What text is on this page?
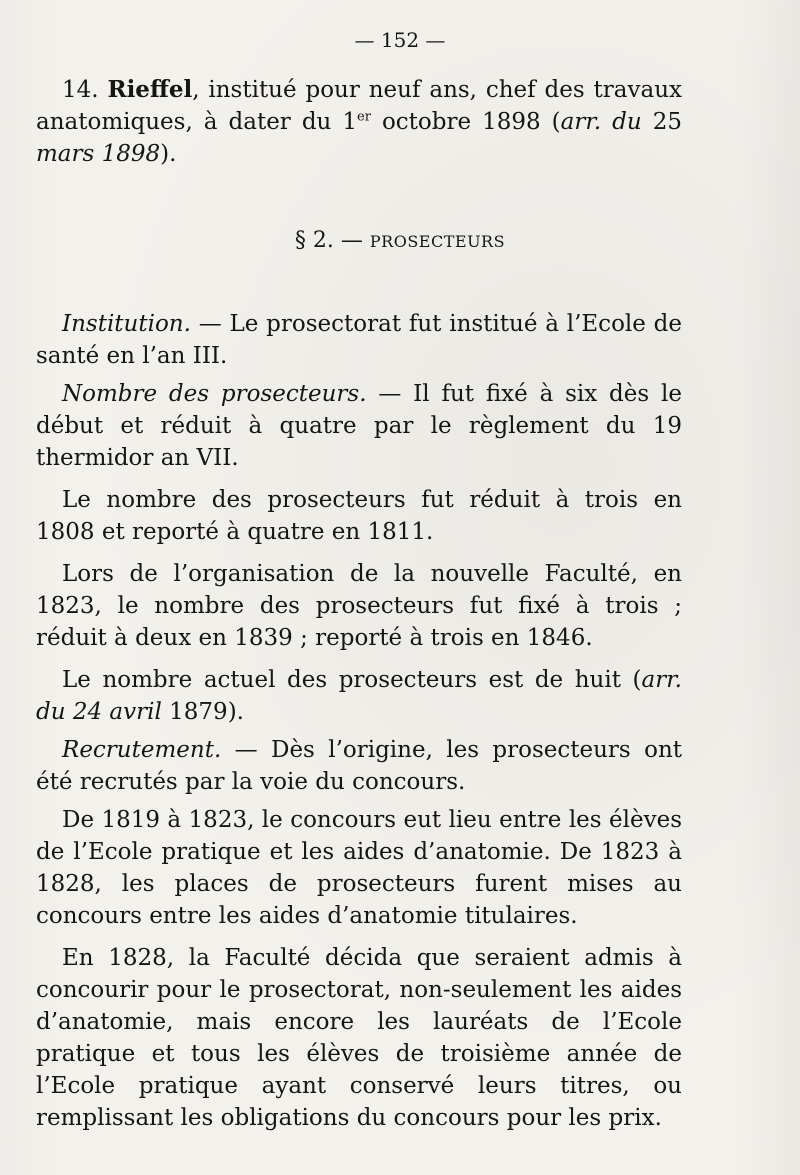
— 152 —

14. Rieffel, institué pour neuf ans, chef des travaux anatomiques, à dater du 1er octobre 1898 (arr. du 25 mars 1898).

§ 2. — PROSECTEURS

Institution. — Le prosectorat fut institué à l’Ecole de santé en l’an III.

Nombre des prosecteurs. — Il fut fixé à six dès le début et réduit à quatre par le règlement du 19 thermidor an VII.

Le nombre des prosecteurs fut réduit à trois en 1808 et reporté à quatre en 1811.

Lors de l’organisation de la nouvelle Faculté, en 1823, le nombre des prosecteurs fut fixé à trois ; réduit à deux en 1839 ; reporté à trois en 1846.

Le nombre actuel des prosecteurs est de huit (arr. du 24 avril 1879).

Recrutement. — Dès l’origine, les prosecteurs ont été recrutés par la voie du concours.

De 1819 à 1823, le concours eut lieu entre les élèves de l’Ecole pratique et les aides d’anatomie. De 1823 à 1828, les places de prosecteurs furent mises au concours entre les aides d’anatomie titulaires.

En 1828, la Faculté décida que seraient admis à concourir pour le prosectorat, non-seulement les aides d’anatomie, mais encore les lauréats de l’Ecole pratique et tous les élèves de troisième année de l’Ecole pratique ayant conservé leurs titres, ou remplissant les obligations du concours pour les prix.
